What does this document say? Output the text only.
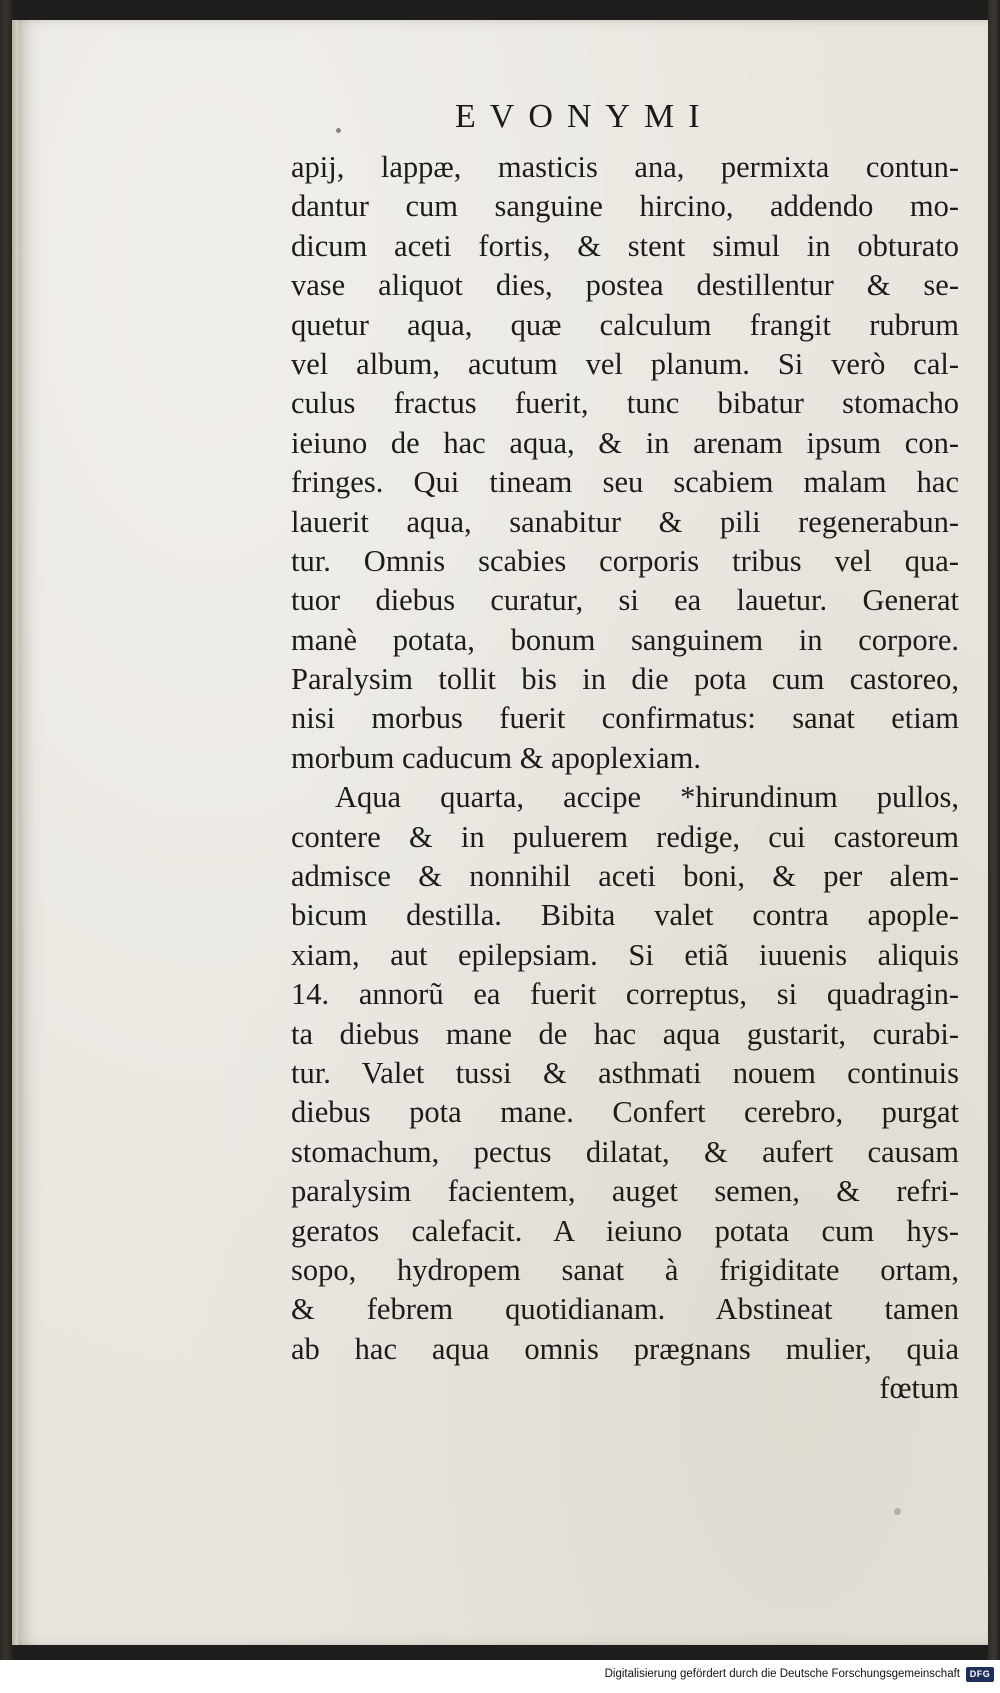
EVONYMI
apij, lappæ, masticis ana, permixta contun-
dantur cum sanguine hircino, addendo mo-
dicum aceti fortis, & stent simul in obturato
vase aliquot dies, postea destillentur & se-
quetur aqua, quæ calculum frangit rubrum
vel album, acutum vel planum. Si verò cal-
culus fractus fuerit, tunc bibatur stomacho
ieiuno de hac aqua, & in arenam ipsum con-
fringes. Qui tineam seu scabiem malam hac
lauerit aqua, sanabitur & pili regenerabun-
tur. Omnis scabies corporis tribus vel qua-
tuor diebus curatur, si ea lauetur. Generat
manè potata, bonum sanguinem in corpore.
Paralysim tollit bis in die pota cum castoreo,
nisi morbus fuerit confirmatus: sanat etiam
morbum caducum & apoplexiam.
Aqua quarta, accipe *hirundinum pullos,
contere & in puluerem redige, cui castoreum
admisce & nonnihil aceti boni, & per alem-
bicum destilla. Bibita valet contra apople-
xiam, aut epilepsiam. Si etiã iuuenis aliquis
14. annorũ ea fuerit correptus, si quadragin-
ta diebus mane de hac aqua gustarit, curabi-
tur. Valet tussi & asthmati nouem continuis
diebus pota mane. Confert cerebro, purgat
stomachum, pectus dilatat, & aufert causam
paralysim facientem, auget semen, & refri-
geratos calefacit. A ieiuno potata cum hys-
sopo, hydropem sanat à frigiditate ortam,
& febrem quotidianam. Abstineat tamen
ab hac aqua omnis prægnans mulier, quia
fœtum
Digitalisierung gefördert durch die Deutsche Forschungsgemeinschaft	DFG
